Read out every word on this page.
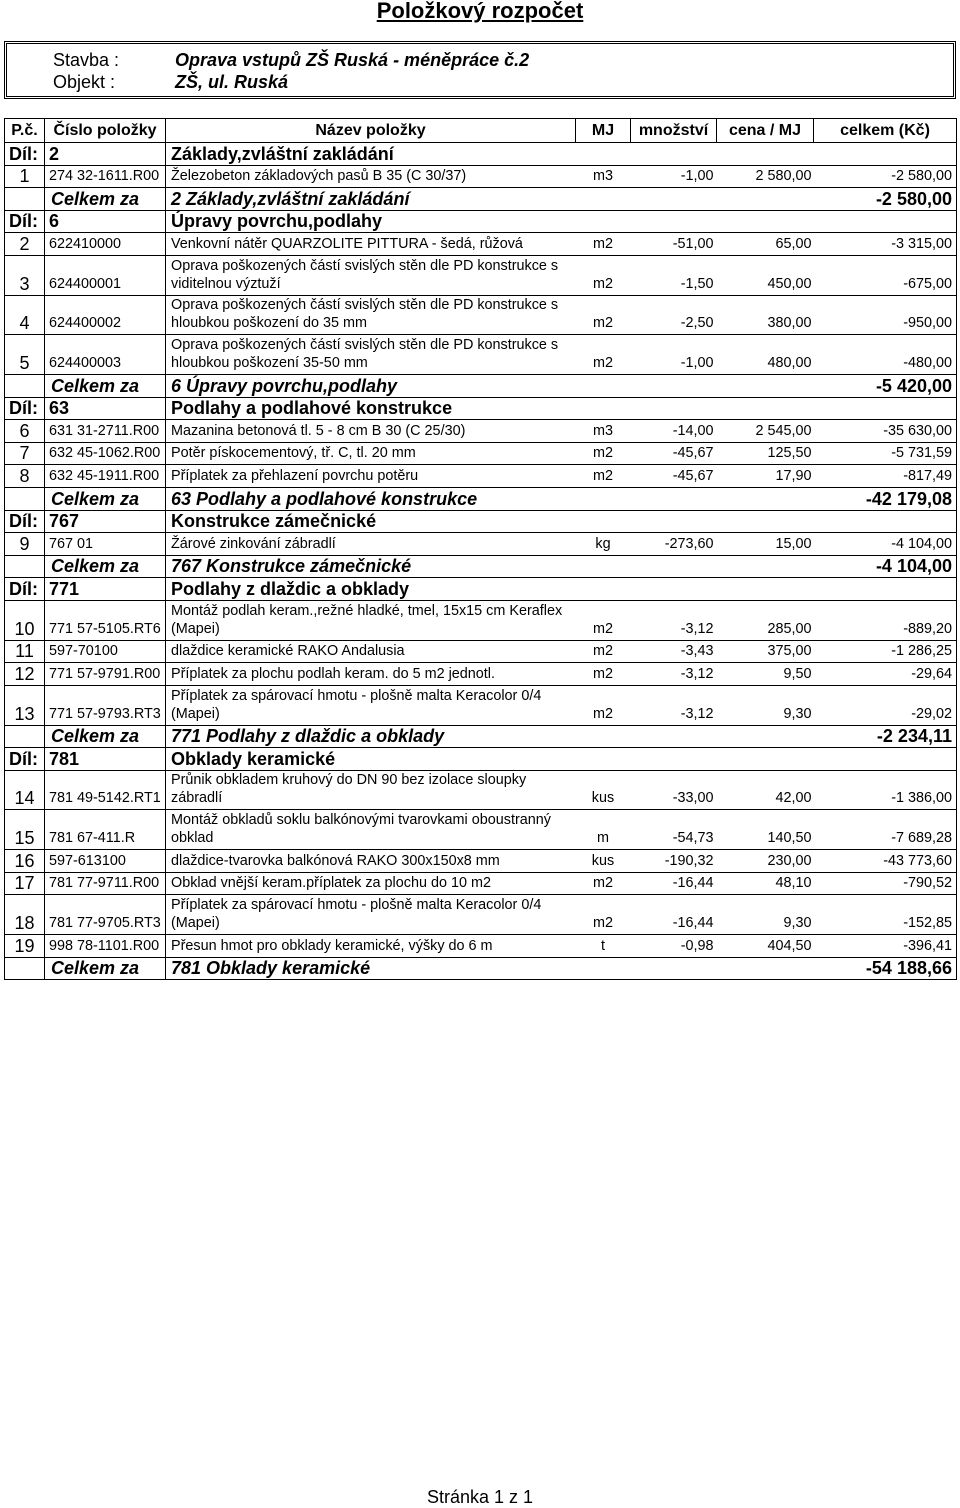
Položkový rozpočet
Stavba :	Oprava vstupů ZŠ Ruská - méněpráce č.2
Objekt :	ZŠ, ul. Ruská
P.č.	Číslo položky	Název položky	MJ	množství	cena / MJ	celkem (Kč)
Díl:	2	Základy,zvláštní zakládání				
1	274 32-1611.R00	Železobeton základových pasů B 35 (C 30/37)	m3	-1,00	2 580,00	-2 580,00
	Celkem za	2 Základy,zvláštní zakládání				-2 580,00
Díl:	6	Úpravy povrchu,podlahy				
2	622410000	Venkovní nátěr QUARZOLITE PITTURA - šedá, růžová	m2	-51,00	65,00	-3 315,00
3	624400001	Oprava poškozených částí svislých stěn dle PD konstrukce s
viditelnou výztuží	m2	-1,50	450,00	-675,00
4	624400002	Oprava poškozených částí svislých stěn dle PD konstrukce s
hloubkou poškození do 35 mm	m2	-2,50	380,00	-950,00
5	624400003	Oprava poškozených částí svislých stěn dle PD konstrukce s
hloubkou poškození 35-50 mm	m2	-1,00	480,00	-480,00
	Celkem za	6 Úpravy povrchu,podlahy				-5 420,00
Díl:	63	Podlahy a podlahové konstrukce				
6	631 31-2711.R00	Mazanina betonová tl. 5 - 8 cm B 30 (C 25/30)	m3	-14,00	2 545,00	-35 630,00
7	632 45-1062.R00	Potěr pískocementový, tř. C, tl. 20 mm	m2	-45,67	125,50	-5 731,59
8	632 45-1911.R00	Příplatek za přehlazení povrchu potěru	m2	-45,67	17,90	-817,49
	Celkem za	63 Podlahy a podlahové konstrukce				-42 179,08
Díl:	767	Konstrukce zámečnické				
9	767 01	Žárové zinkování zábradlí	kg	-273,60	15,00	-4 104,00
	Celkem za	767 Konstrukce zámečnické				-4 104,00
Díl:	771	Podlahy z dlaždic a obklady				
10	771 57-5105.RT6	Montáž podlah keram.,režné hladké, tmel, 15x15 cm Keraflex
(Mapei)	m2	-3,12	285,00	-889,20
11	597-70100	dlaždice keramické RAKO Andalusia	m2	-3,43	375,00	-1 286,25
12	771 57-9791.R00	Příplatek za plochu podlah keram. do 5 m2 jednotl.	m2	-3,12	9,50	-29,64
13	771 57-9793.RT3	Příplatek za spárovací hmotu - plošně malta Keracolor 0/4
(Mapei)	m2	-3,12	9,30	-29,02
	Celkem za	771 Podlahy z dlaždic a obklady				-2 234,11
Díl:	781	Obklady keramické				
14	781 49-5142.RT1	Průnik obkladem kruhový do DN 90 bez izolace sloupky
zábradlí	kus	-33,00	42,00	-1 386,00
15	781 67-411.R	Montáž obkladů soklu balkónovými tvarovkami oboustranný
obklad	m	-54,73	140,50	-7 689,28
16	597-613100	dlaždice-tvarovka balkónová RAKO 300x150x8 mm	kus	-190,32	230,00	-43 773,60
17	781 77-9711.R00	Obklad vnější keram.příplatek za plochu do 10 m2	m2	-16,44	48,10	-790,52
18	781 77-9705.RT3	Příplatek za spárovací hmotu - plošně malta Keracolor 0/4
(Mapei)	m2	-16,44	9,30	-152,85
19	998 78-1101.R00	Přesun hmot pro obklady keramické, výšky do 6 m	t	-0,98	404,50	-396,41
	Celkem za	781 Obklady keramické				-54 188,66
Stránka 1 z 1
